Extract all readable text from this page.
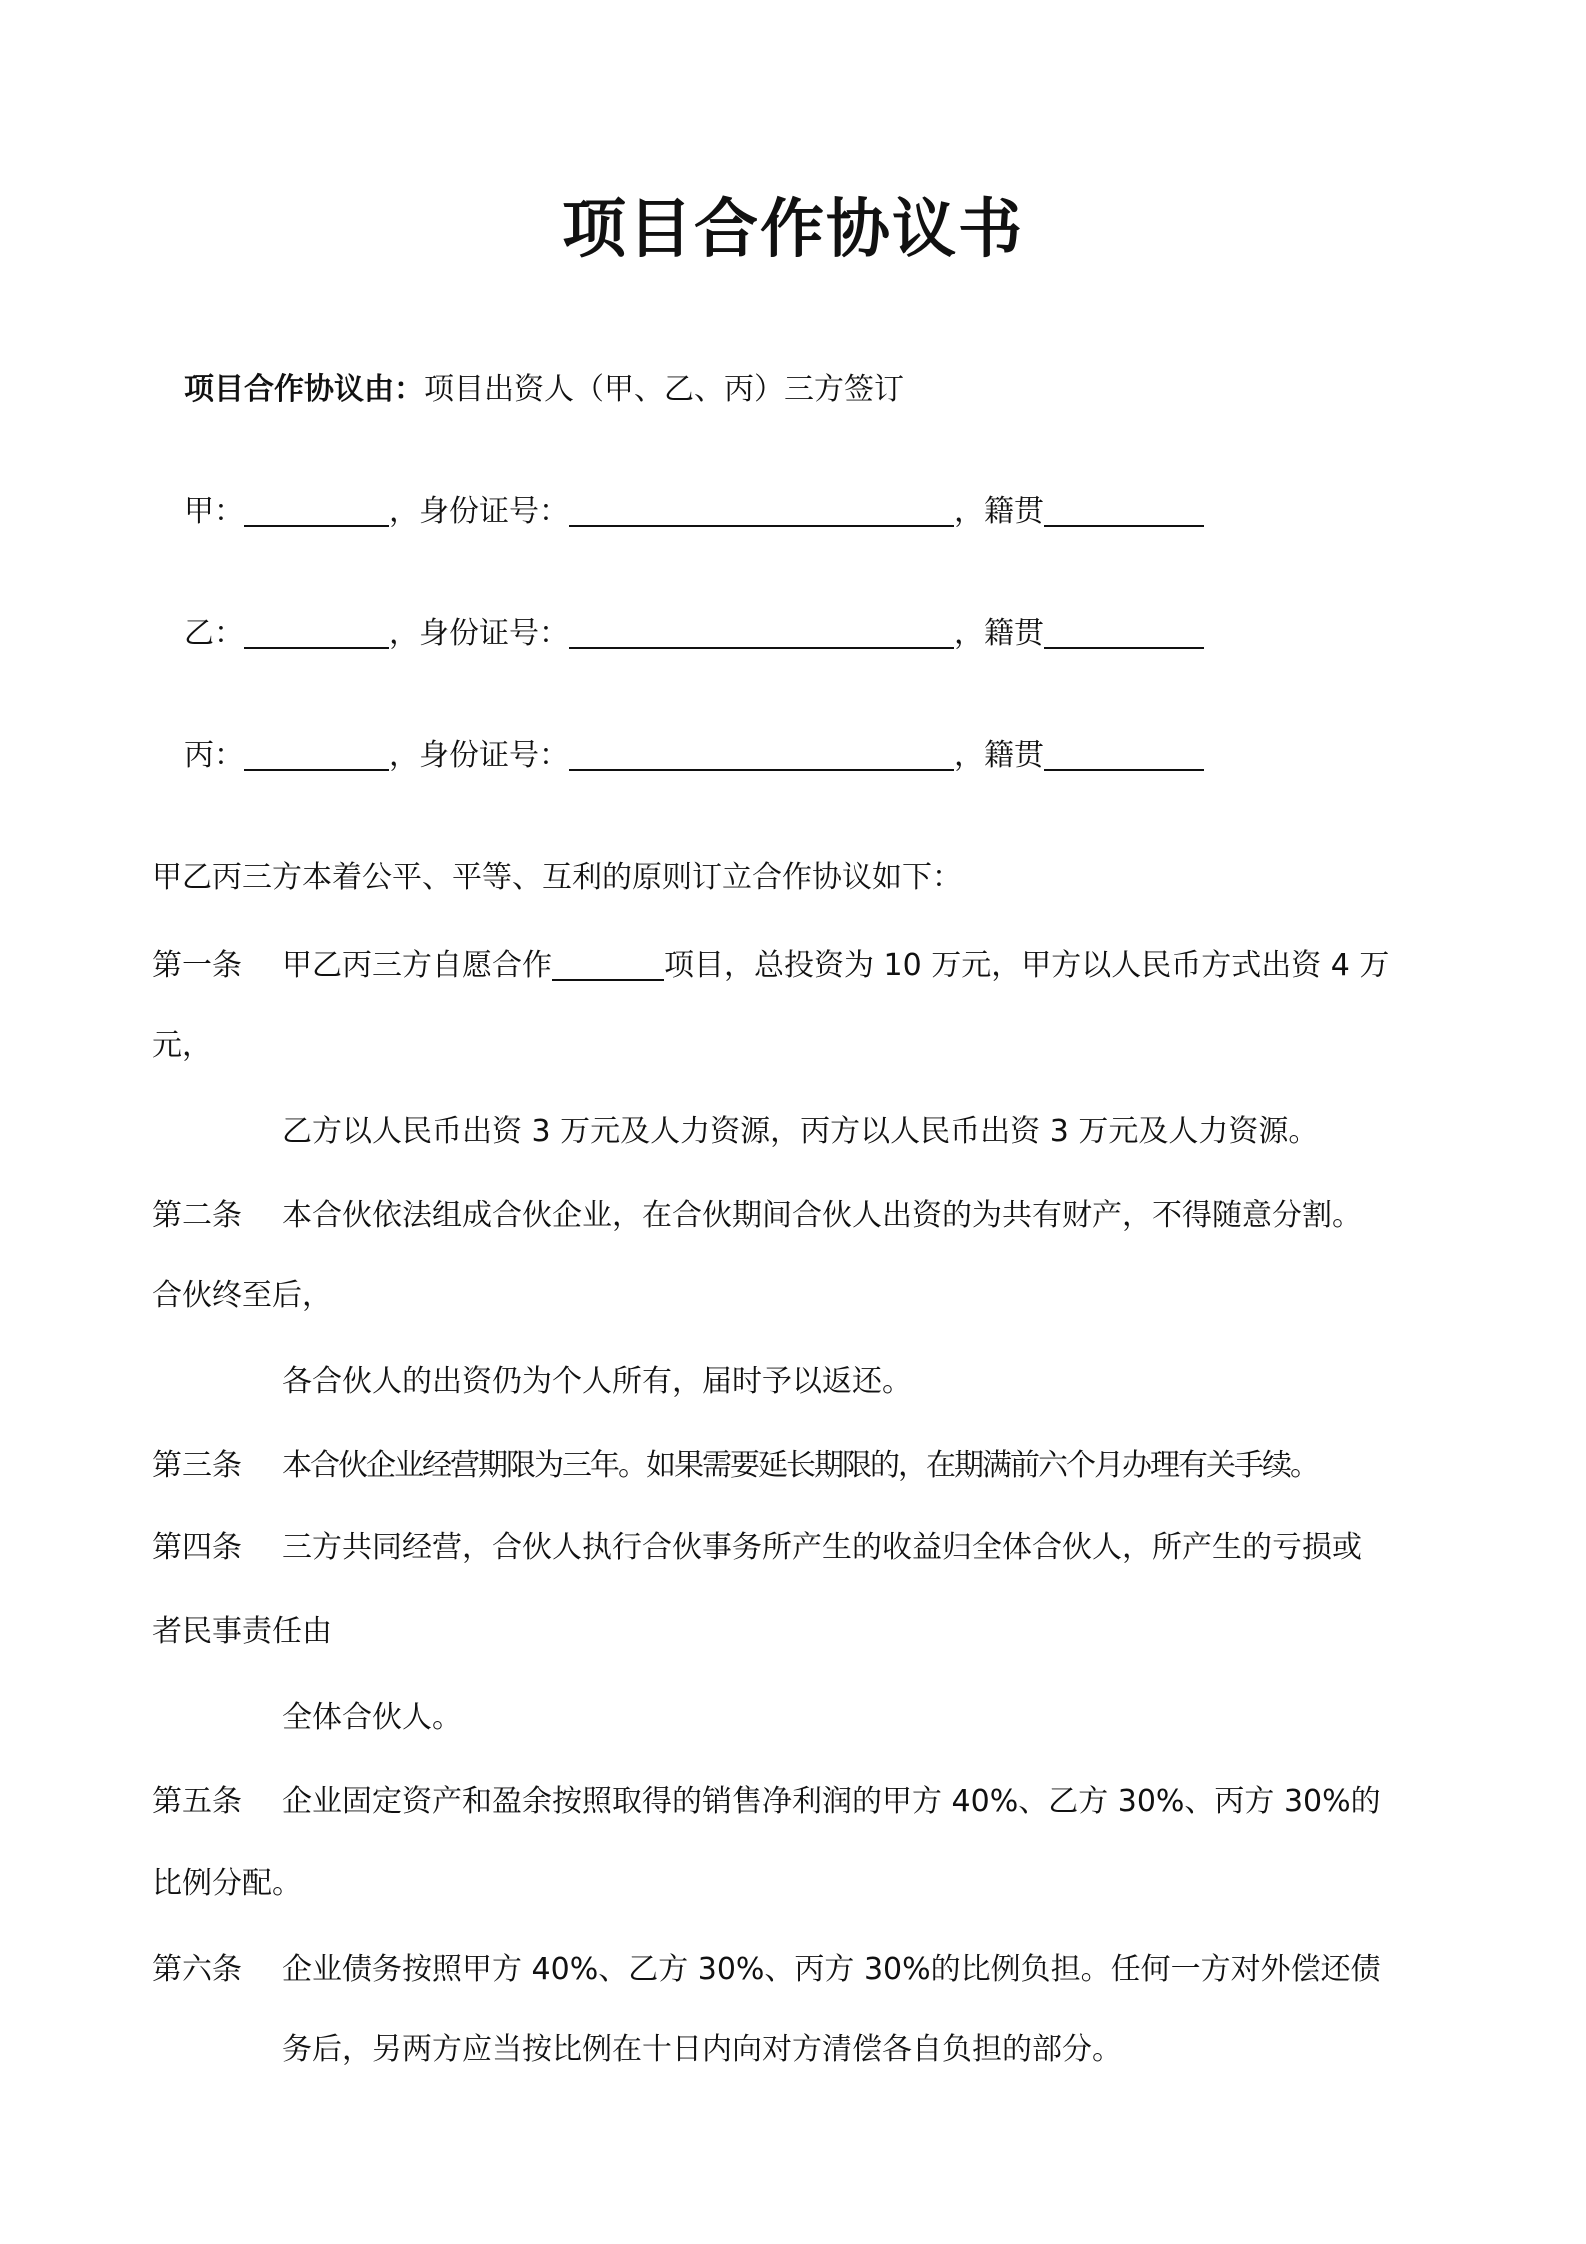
项目合作协议书
项目合作协议由：项目出资人（甲、乙、丙）三方签订
甲：	，身份证号：	，籍贯
乙：	，身份证号：	，籍贯
丙：	，身份证号：	，籍贯
甲乙丙三方本着公平、平等、互利的原则订立合作协议如下：
第一条 甲乙丙三方自愿合作	项目，总投资为 10 万元，甲方以人民币方式出资 4 万
元，
乙方以人民币出资 3 万元及人力资源，丙方以人民币出资 3 万元及人力资源。
第二条 本合伙依法组成合伙企业，在合伙期间合伙人出资的为共有财产，不得随意分割。
合伙终至后，
各合伙人的出资仍为个人所有，届时予以返还。
第三条 本合伙企业经营期限为三年。如果需要延长期限的，在期满前六个月办理有关手续。
第四条 三方共同经营，合伙人执行合伙事务所产生的收益归全体合伙人，所产生的亏损或
者民事责任由
全体合伙人。
第五条 企业固定资产和盈余按照取得的销售净利润的甲方 40%、乙方 30%、丙方 30%的
比例分配。
第六条 企业债务按照甲方 40%、乙方 30%、丙方 30%的比例负担。任何一方对外偿还债
务后，另两方应当按比例在十日内向对方清偿各自负担的部分。
